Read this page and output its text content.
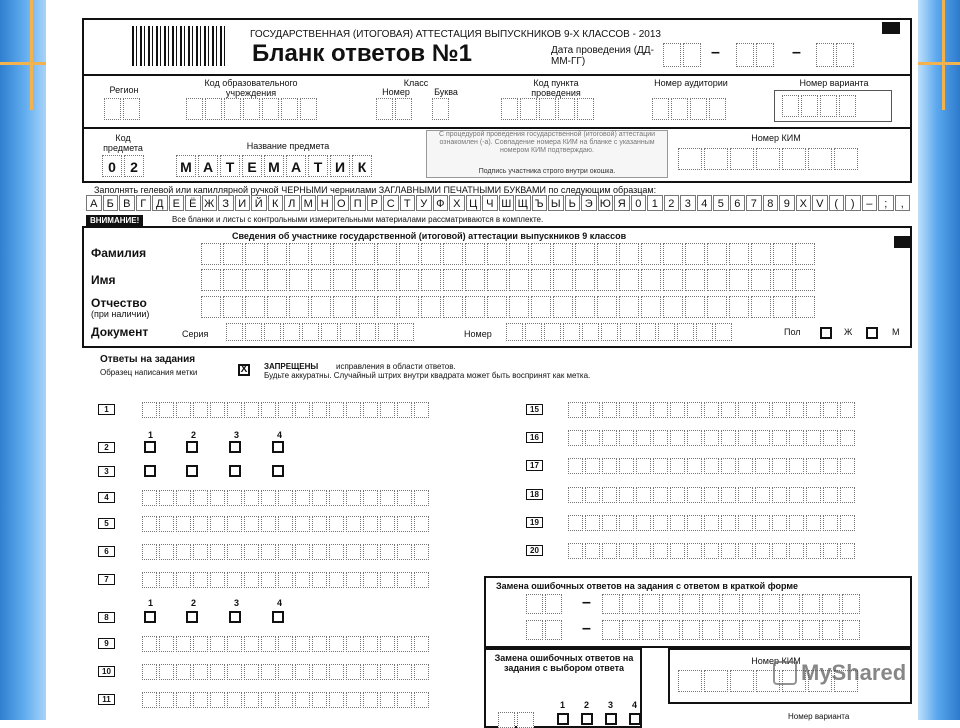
ГОСУДАРСТВЕННАЯ (ИТОГОВАЯ) АТТЕСТАЦИЯ ВЫПУСКНИКОВ 9-Х КЛАССОВ - 2013
Бланк ответов №1	Дата проведения (ДД-ММ-ГГ)
–	–
Регион
Код образовательного учреждения
Класс
Номер	Буква
Код пункта проведения
Номер аудитории	Номер варианта
Код предмета
0	2
Название предмета
М А Т Е М А Т И К
С процедурой проведения государственной (итоговой) аттестации ознакомлен (-а). Совпадение номера КИМ на бланке с указанным номером КИМ подтверждаю.
Подпись участника строго внутри окошка.
Номер КИМ
Заполнять гелевой или капиллярной ручкой ЧЕРНЫМИ чернилами ЗАГЛАВНЫМИ ПЕЧАТНЫМИ БУКВАМИ по следующим образцам:
А Б В Г Д Е Ё Ж З И Й К Л М Н О П Р С Т У Ф Х Ц Ч Ш Щ Ъ Ы Ь Э Ю Я 0 1 2 3 4 5 6 7 8 9 X V (	)	–	;	,
ВНИМАНИЕ!	Все бланки и листы с контрольными измерительными материалами рассматриваются в комплекте.
Сведения об участнике государственной (итоговой) аттестации выпускников 9 классов
Фамилия
Имя
Отчество
(при наличии)
Документ	Серия	Номер	Пол	Ж	М
Ответы на задания
Образец написания метки	X	ЗАПРЕЩЕНЫ исправления в области ответов.
Будьте аккуратны. Случайный штрих внутри квадрата может быть воспринят как метка.
Замена ошибочных ответов на задания с ответом в краткой форме
–
–
Замена ошибочных ответов на задания с выбором ответа
Номер КИМ
Номер варианта
MyShared
1
2
3
4
5
6
7
8
9
10
11
1	2	3	4
1	2	3	4
15
16
17
18
19
20
1 2 3 4
